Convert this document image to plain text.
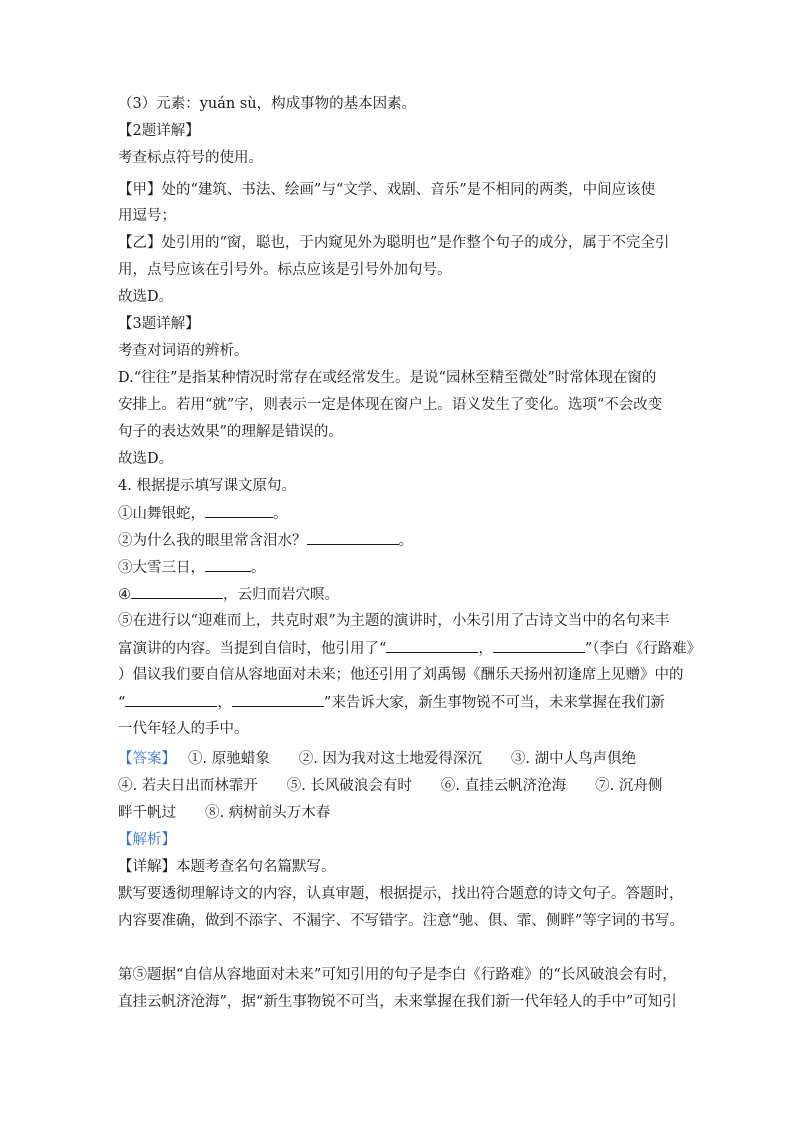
（3）元素：yuán sù，构成事物的基本因素。
【2题详解】
考查标点符号的使用。
【甲】处的“建筑、书法、绘画”与“文学、戏剧、音乐”是不相同的两类，中间应该使
用逗号；
【乙】处引用的“窗，聪也，于内窥见外为聪明也”是作整个句子的成分，属于不完全引
用，点号应该在引号外。标点应该是引号外加句号。
故选D。
【3题详解】
考查对词语的辨析。
D.“往往”是指某种情况时常存在或经常发生。是说“园林至精至微处”时常体现在窗的
安排上。若用“就”字，则表示一定是体现在窗户上。语义发生了变化。选项“不会改变
句子的表达效果”的理解是错误的。
故选D。
4. 根据提示填写课文原句。
①山舞银蛇，	。
②为什么我的眼里常含泪水？	。
③大雪三日，	。
④	，云归而岩穴暝。
⑤在进行以“迎难而上，共克时艰”为主题的演讲时，小朱引用了古诗文当中的名句来丰
富演讲的内容。当提到自信时，他引用了“	，	”（李白《行路难》
）倡议我们要自信从容地面对未来；他还引用了刘禹锡《酬乐天扬州初逢席上见赠》中的
“	，	”来告诉大家，新生事物锐不可当，未来掌握在我们新
一代年轻人的手中。
【答案】 ①. 原驰蜡象　　②. 因为我对这土地爱得深沉　　③. 湖中人鸟声俱绝
④. 若夫日出而林霏开　　⑤. 长风破浪会有时　　⑥. 直挂云帆济沧海　　⑦. 沉舟侧
畔千帆过　　⑧. 病树前头万木春
【解析】
【详解】本题考查名句名篇默写。
默写要透彻理解诗文的内容，认真审题，根据提示，找出符合题意的诗文句子。答题时，
内容要准确，做到不添字、不漏字、不写错字。注意“驰、俱、霏、侧畔”等字词的书写。
第⑤题据“自信从容地面对未来”可知引用的句子是李白《行路难》的“长风破浪会有时，
直挂云帆济沧海”，据“新生事物锐不可当，未来掌握在我们新一代年轻人的手中”可知引
